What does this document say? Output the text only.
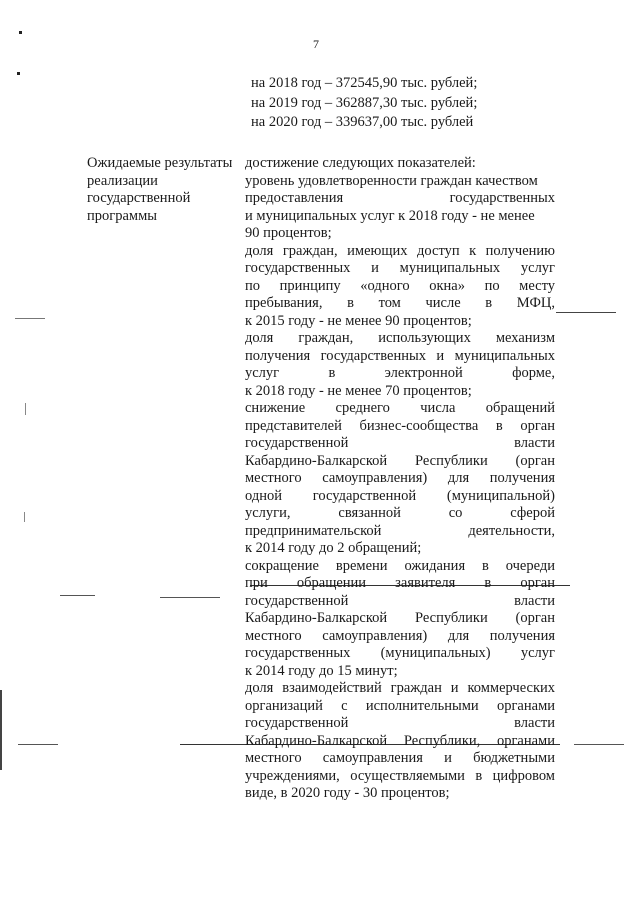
7
на 2018 год – 372545,90 тыс. рублей;
на 2019 год – 362887,30 тыс. рублей;
на 2020 год – 339637,00 тыс. рублей
Ожидаемые результаты
реализации
государственной
программы
достижение следующих показателей:
уровень удовлетворенности граждан качеством
предоставления государственных
и муниципальных услуг к 2018 году - не менее
90 процентов;
доля граждан, имеющих доступ к получению
государственных и муниципальных услуг
по принципу «одного окна» по месту
пребывания, в том числе в МФЦ,
к 2015 году - не менее 90 процентов;
доля граждан, использующих механизм
получения государственных и муниципальных
услуг в электронной форме,
к 2018 году - не менее 70 процентов;
снижение среднего числа обращений
представителей бизнес-сообщества в орган
государственной власти
Кабардино-Балкарской Республики (орган
местного самоуправления) для получения
одной государственной (муниципальной)
услуги, связанной со сферой
предпринимательской деятельности,
к 2014 году до 2 обращений;
сокращение времени ожидания в очереди
при обращении заявителя в орган
государственной власти
Кабардино-Балкарской Республики (орган
местного самоуправления) для получения
государственных (муниципальных) услуг
к 2014 году до 15 минут;
доля взаимодействий граждан и коммерческих
организаций с исполнительными органами
государственной власти
Кабардино-Балкарской Республики, органами
местного самоуправления и бюджетными
учреждениями, осуществляемыми в цифровом
виде, в 2020 году - 30 процентов;
